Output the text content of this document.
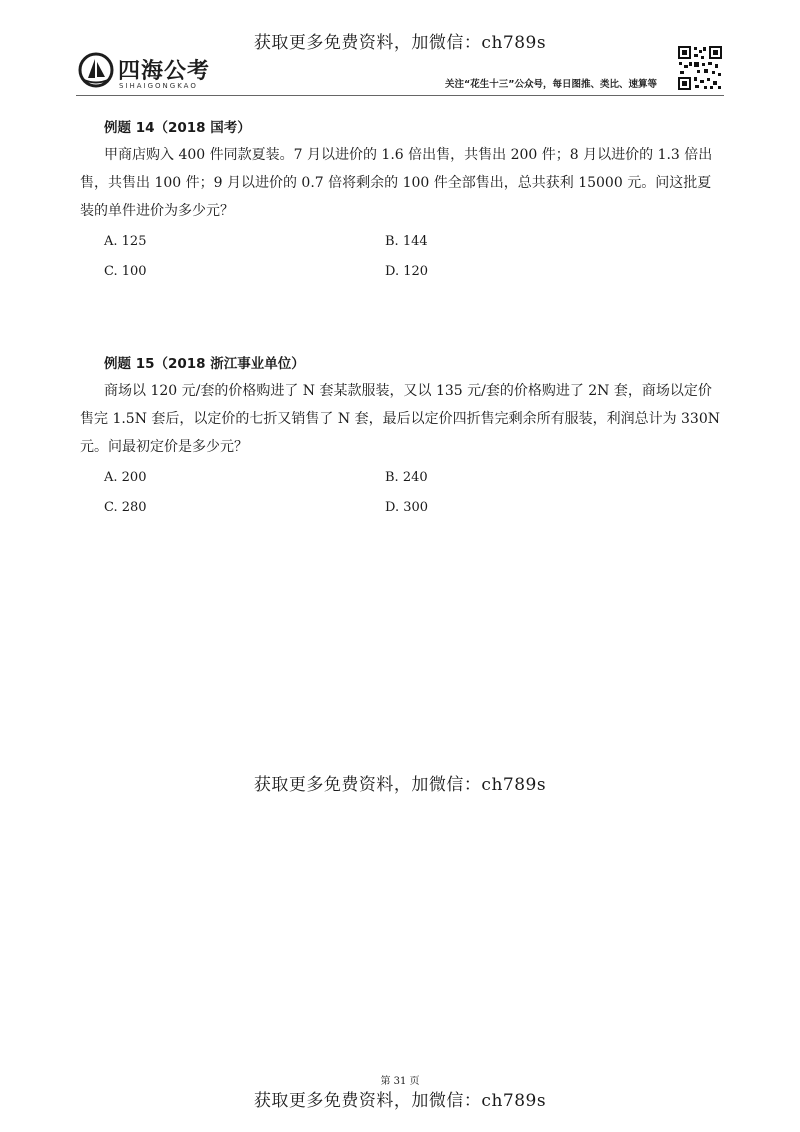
获取更多免费资料，加微信：ch789s
四海公考
SIHAIGONGKAO	关注“花生十三”公众号，每日图推、类比、速算等
例题 14（2018 国考）
甲商店购入 400 件同款夏装。7 月以进价的 1.6 倍出售，共售出 200 件；8 月以进价的 1.3 倍出售，共售出 100 件；9 月以进价的 0.7 倍将剩余的 100 件全部售出，总共获利 15000 元。问这批夏装的单件进价为多少元？
A. 125	B. 144
C. 100	D. 120
例题 15（2018 浙江事业单位）
商场以 120 元/套的价格购进了 N 套某款服装，又以 135 元/套的价格购进了 2N 套，商场以定价售完 1.5N 套后，以定价的七折又销售了 N 套，最后以定价四折售完剩余所有服装，利润总计为 330N 元。问最初定价是多少元？
A. 200	B. 240
C. 280	D. 300
获取更多免费资料，加微信：ch789s
第 31 页
获取更多免费资料，加微信：ch789s
